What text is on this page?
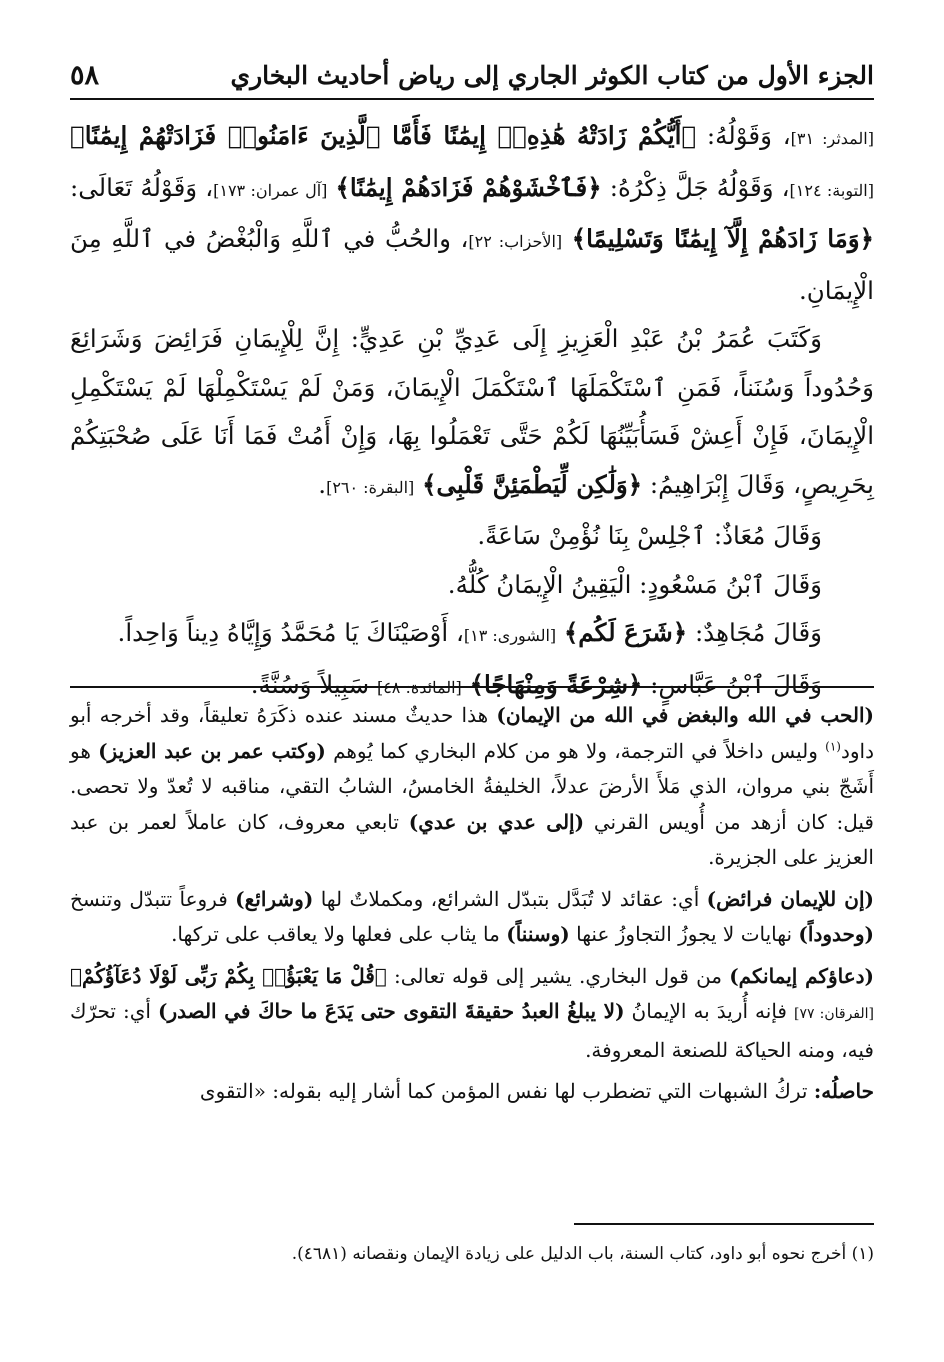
الجزء الأول من كتاب الكوثر الجاري إلى رياض أحاديث البخاري
٥٨

[المدثر: ٣١]، وَقَوْلُهُ: ﴿أَيُّكُمْ زَادَتْهُ هَٰذِهِۦٓ إِيمَٰنًا فَأَمَّا ٱلَّذِينَ ءَامَنُوا۟ فَزَادَتْهُمْ إِيمَٰنًا﴾ [التوبة: ١٢٤]، وَقَوْلُهُ جَلَّ ذِكْرُهُ: ﴿فَٱخْشَوْهُمْ فَزَادَهُمْ إِيمَٰنًا﴾ [آل عمران: ١٧٣]، وَقَوْلُهُ تَعَالَى: ﴿وَمَا زَادَهُمْ إِلَّآ إِيمَٰنًا وَتَسْلِيمًا﴾ [الأحزاب: ٢٢]، والحُبُّ في ٱللَّهِ وَالْبُغْضُ في ٱللَّهِ مِنَ الْإِيمَانِ.

وَكَتَبَ عُمَرُ بْنُ عَبْدِ الْعَزِيزِ إِلَى عَدِيِّ بْنِ عَدِيٍّ: إِنَّ لِلْإِيمَانِ فَرَائِضَ وَشَرَائِعَ وَحُدُوداً وَسُنَناً، فَمَنِ ٱسْتَكْمَلَهَا ٱسْتَكْمَلَ الْإِيمَانَ، وَمَنْ لَمْ يَسْتَكْمِلْهَا لَمْ يَسْتَكْمِلِ الْإِيمَانَ، فَإِنْ أَعِشْ فَسَأُبَيِّنُهَا لَكُمْ حَتَّى تَعْمَلُوا بِهَا، وَإِنْ أَمُتْ فَمَا أَنَا عَلَى صُحْبَتِكُمْ بِحَرِيصٍ، وَقَالَ إِبْرَاهِيمُ: ﴿وَلَٰكِن لِّيَطْمَئِنَّ قَلْبِى﴾ [البقرة: ٢٦٠].

وَقَالَ مُعَاذٌ: ٱجْلِسْ بِنَا نُؤْمِنْ سَاعَةً.

وَقَالَ ٱبْنُ مَسْعُودٍ: الْيَقِينُ الْإِيمَانُ كُلُّهُ.

وَقَالَ مُجَاهِدٌ: ﴿شَرَعَ لَكُم﴾ [الشورى: ١٣]، أَوْصَيْنَاكَ يَا مُحَمَّدُ وَإِيَّاهُ دِيناً وَاحِداً.

وَقَالَ ٱبْنُ عَبَّاسٍ: ﴿شِرْعَةً وَمِنْهَاجًا﴾ [المائدة: ٤٨] سَبِيلاً وَسُنَّةً.

(الحب في الله والبغض في الله من الإيمان) هذا حديثٌ مسند عنده ذكَرَهُ تعليقاً، وقد أخرجه أبو داود$^{(١)}$ وليس داخلاً في الترجمة، ولا هو من كلام البخاري كما يُوهم (وكتب عمر بن عبد العزيز) هو أَشَجّ بني مروان، الذي مَلأَ الأرضَ عدلاً، الخليفةُ الخامسُ، الشابُ التقي، مناقبه لا تُعدّ ولا تحصى. قيل: كان أزهد من أُويس القرني (إلى عدي بن عدي) تابعي معروف، كان عاملاً لعمر بن عبد العزيز على الجزيرة.

(إن للإيمان فرائض) أي: عقائد لا تُبَدَّل بتبدّل الشرائع، ومكملاتٌ لها (وشرائع) فروعاً تتبدّل وتنسخ (وحدوداً) نهايات لا يجوزُ التجاوزُ عنها (وسنناً) ما يثاب على فعلها ولا يعاقب على تركها.

(دعاؤكم إيمانكم) من قول البخاري. يشير إلى قوله تعالى: ﴿قُلْ مَا يَعْبَؤُا۟ بِكُمْ رَبِّى لَوْلَا دُعَآؤُكُمْ﴾ [الفرقان: ٧٧] فإنه أُريدَ به الإيمانُ (لا يبلغُ العبدُ حقيقةَ التقوى حتى يَدَعَ ما حاكَ في الصدر) أي: تحرّك فيه، ومنه الحياكة للصنعة المعروفة.

حاصلُه: تركُ الشبهات التي تضطرب لها نفس المؤمن كما أشار إليه بقوله: «التقوى

(١) أخرج نحوه أبو داود، كتاب السنة، باب الدليل على زيادة الإيمان ونقصانه (٤٦٨١).
